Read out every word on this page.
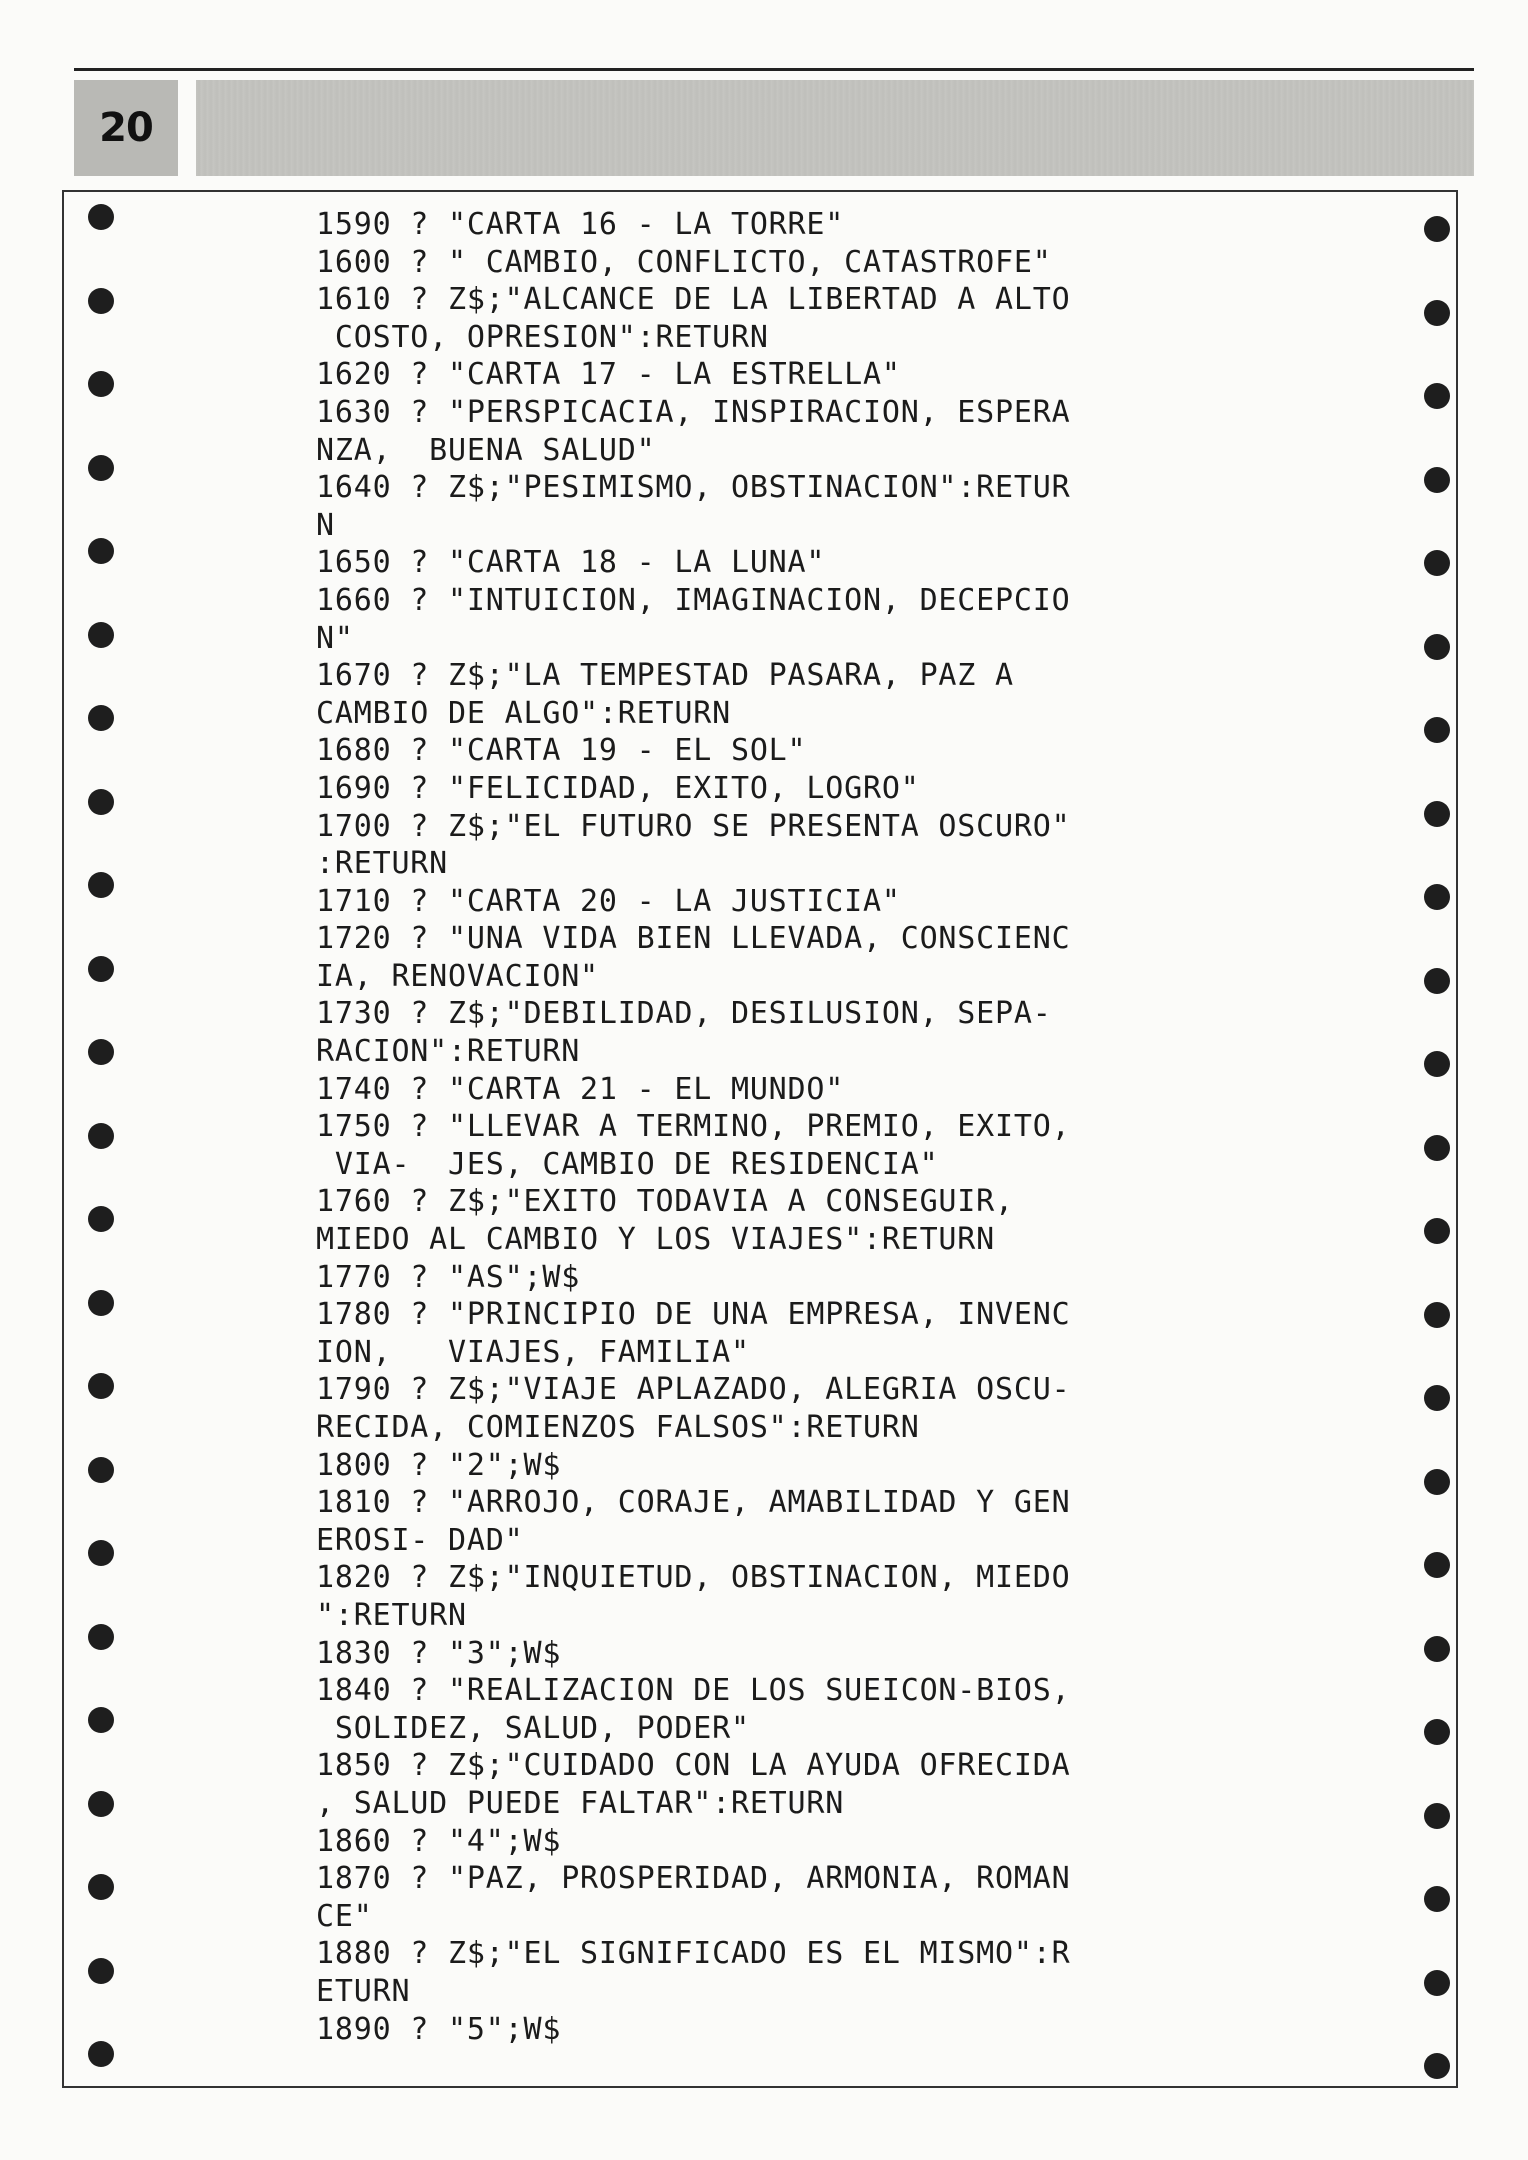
20
1590 ? "CARTA 16 - LA TORRE"
1600 ? " CAMBIO, CONFLICTO, CATASTROFE"
1610 ? Z$;"ALCANCE DE LA LIBERTAD A ALTO
COSTO, OPRESION":RETURN
1620 ? "CARTA 17 - LA ESTRELLA"
1630 ? "PERSPICACIA, INSPIRACION, ESPERA
NZA,  BUENA SALUD"
1640 ? Z$;"PESIMISMO, OBSTINACION":RETUR
N
1650 ? "CARTA 18 - LA LUNA"
1660 ? "INTUICION, IMAGINACION, DECEPCIO
N"
1670 ? Z$;"LA TEMPESTAD PASARA, PAZ A
CAMBIO DE ALGO":RETURN
1680 ? "CARTA 19 - EL SOL"
1690 ? "FELICIDAD, EXITO, LOGRO"
1700 ? Z$;"EL FUTURO SE PRESENTA OSCURO"
:RETURN
1710 ? "CARTA 20 - LA JUSTICIA"
1720 ? "UNA VIDA BIEN LLEVADA, CONSCIENC
IA, RENOVACION"
1730 ? Z$;"DEBILIDAD, DESILUSION, SEPA-
RACION":RETURN
1740 ? "CARTA 21 - EL MUNDO"
1750 ? "LLEVAR A TERMINO, PREMIO, EXITO,
VIA-  JES, CAMBIO DE RESIDENCIA"
1760 ? Z$;"EXITO TODAVIA A CONSEGUIR,
MIEDO AL CAMBIO Y LOS VIAJES":RETURN
1770 ? "AS";W$
1780 ? "PRINCIPIO DE UNA EMPRESA, INVENC
ION,   VIAJES, FAMILIA"
1790 ? Z$;"VIAJE APLAZADO, ALEGRIA OSCU-
RECIDA, COMIENZOS FALSOS":RETURN
1800 ? "2";W$
1810 ? "ARROJO, CORAJE, AMABILIDAD Y GEN
EROSI- DAD"
1820 ? Z$;"INQUIETUD, OBSTINACION, MIEDO
":RETURN
1830 ? "3";W$
1840 ? "REALIZACION DE LOS SUEICON-BIOS,
SOLIDEZ, SALUD, PODER"
1850 ? Z$;"CUIDADO CON LA AYUDA OFRECIDA
, SALUD PUEDE FALTAR":RETURN
1860 ? "4";W$
1870 ? "PAZ, PROSPERIDAD, ARMONIA, ROMAN
CE"
1880 ? Z$;"EL SIGNIFICADO ES EL MISMO":R
ETURN
1890 ? "5";W$
